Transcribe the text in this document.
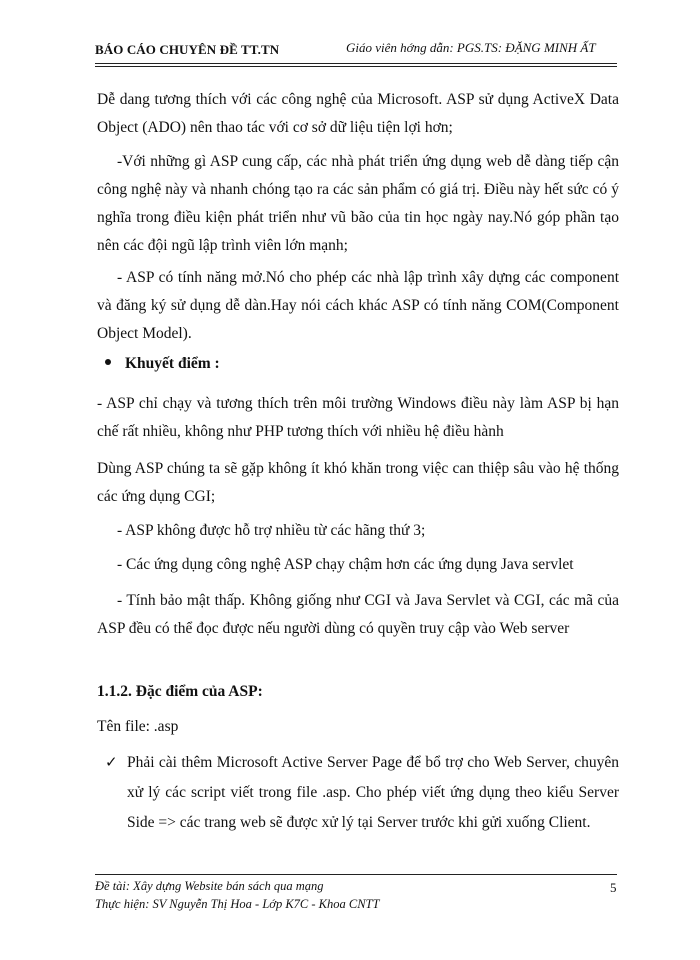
BÁO CÁO CHUYÊN ĐỀ TT.TN	Giáo viên hớng dẫn: PGS.TS: ĐẶNG MINH ẤT
Dễ dang tương thích với các công nghệ của Microsoft. ASP sử dụng ActiveX Data Object (ADO) nên thao tác với cơ sở dữ liệu tiện lợi hơn;
-Với những gì ASP cung cấp, các nhà phát triển ứng dụng web dễ dàng tiếp cận công nghệ này và nhanh chóng tạo ra các sản phẩm có giá trị. Điều này hết sức có ý nghĩa trong điều kiện phát triển như vũ bão của tin học ngày nay.Nó góp phần tạo nên các đội ngũ lập trình viên lớn mạnh;
- ASP có tính năng mở.Nó cho phép các nhà lập trình xây dựng các component và đăng ký sử dụng dễ dàn.Hay nói cách khác ASP có tính năng COM(Component Object Model).
Khuyết điểm :
- ASP chỉ chạy và tương thích trên môi trường Windows điều này làm ASP bị hạn chế rất nhiều, không như PHP tương thích với nhiều hệ điều hành
Dùng ASP chúng ta sẽ gặp không ít khó khăn trong việc can thiệp sâu vào hệ thống các ứng dụng CGI;
- ASP không được hỗ trợ nhiều từ các hãng thứ 3;
- Các ứng dụng công nghệ ASP chạy chậm hơn các ứng dụng Java servlet
- Tính bảo mật thấp. Không giống như CGI và Java Servlet và CGI, các mã của ASP đều có thể đọc được nếu người dùng có quyền truy cập vào Web server
1.1.2. Đặc điểm của ASP:
Tên file: .asp
✓ Phải cài thêm Microsoft Active Server Page để bổ trợ cho Web Server, chuyên xử lý các script viết trong file .asp. Cho phép viết ứng dụng theo kiểu Server Side => các trang web sẽ được xử lý tại Server trước khi gửi xuống Client.
Đề tài: Xây dựng Website bán sách qua mạng
Thực hiện: SV Nguyễn Thị Hoa - Lớp K7C - Khoa CNTT
5
